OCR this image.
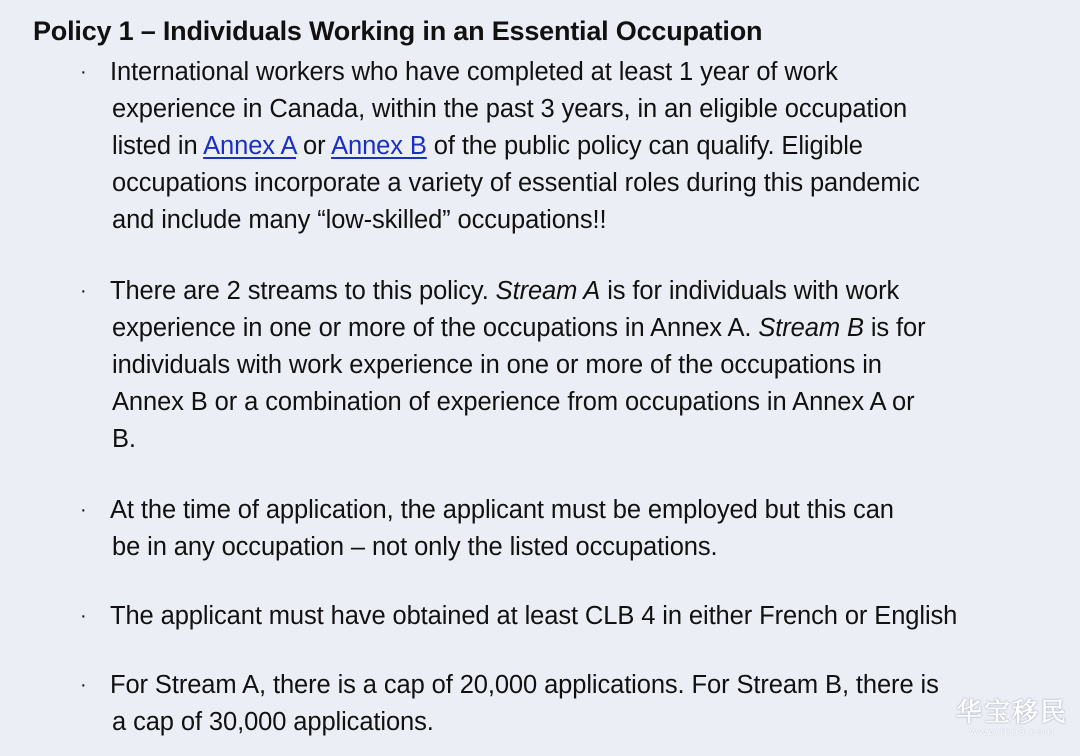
Policy 1 – Individuals Working in an Essential Occupation
· International workers who have completed at least 1 year of work
experience in Canada, within the past 3 years, in an eligible occupation
listed in Annex A or Annex B of the public policy can qualify. Eligible
occupations incorporate a variety of essential roles during this pandemic
and include many “low-skilled” occupations!!
· There are 2 streams to this policy. Stream A is for individuals with work
experience in one or more of the occupations in Annex A. Stream B is for
individuals with work experience in one or more of the occupations in
Annex B or a combination of experience from occupations in Annex A or
B.
· At the time of application, the applicant must be employed but this can
be in any occupation – not only the listed occupations.
· The applicant must have obtained at least CLB 4 in either French or English
· For Stream A, there is a cap of 20,000 applications. For Stream B, there is
a cap of 30,000 applications.	华宝移民
www.ihb8.com
